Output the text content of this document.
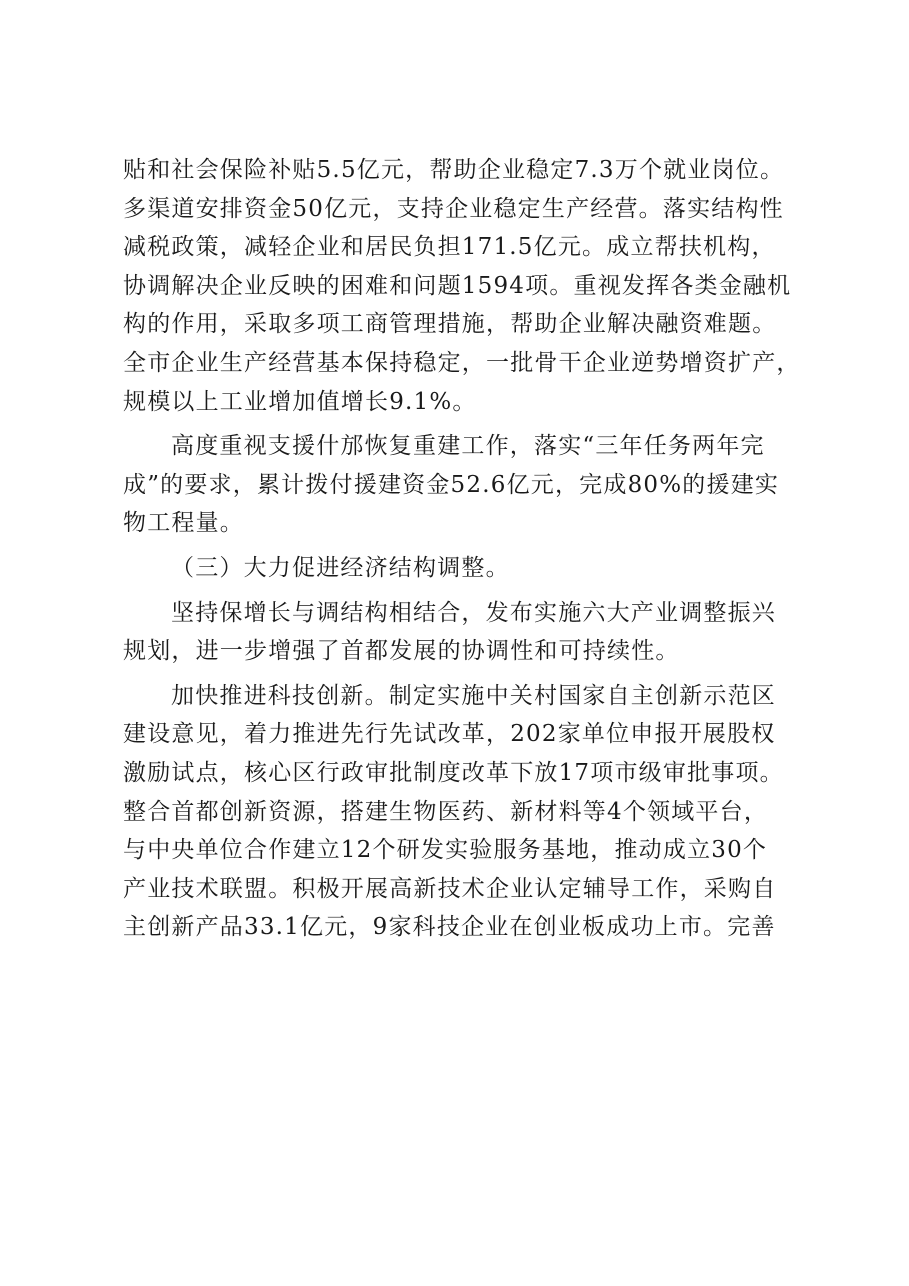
贴和社会保险补贴5.5亿元，帮助企业稳定7.3万个就业岗位。
多渠道安排资金50亿元，支持企业稳定生产经营。落实结构性
减税政策，减轻企业和居民负担171.5亿元。成立帮扶机构，
协调解决企业反映的困难和问题1594项。重视发挥各类金融机
构的作用，采取多项工商管理措施，帮助企业解决融资难题。
全市企业生产经营基本保持稳定，一批骨干企业逆势增资扩产，
规模以上工业增加值增长9.1%。
高度重视支援什邡恢复重建工作，落实“三年任务两年完
成”的要求，累计拨付援建资金52.6亿元，完成80%的援建实
物工程量。
（三）大力促进经济结构调整。
坚持保增长与调结构相结合，发布实施六大产业调整振兴
规划，进一步增强了首都发展的协调性和可持续性。
加快推进科技创新。制定实施中关村国家自主创新示范区
建设意见，着力推进先行先试改革，202家单位申报开展股权
激励试点，核心区行政审批制度改革下放17项市级审批事项。
整合首都创新资源，搭建生物医药、新材料等4个领域平台，
与中央单位合作建立12个研发实验服务基地，推动成立30个
产业技术联盟。积极开展高新技术企业认定辅导工作，采购自
主创新产品33.1亿元，9家科技企业在创业板成功上市。完善
